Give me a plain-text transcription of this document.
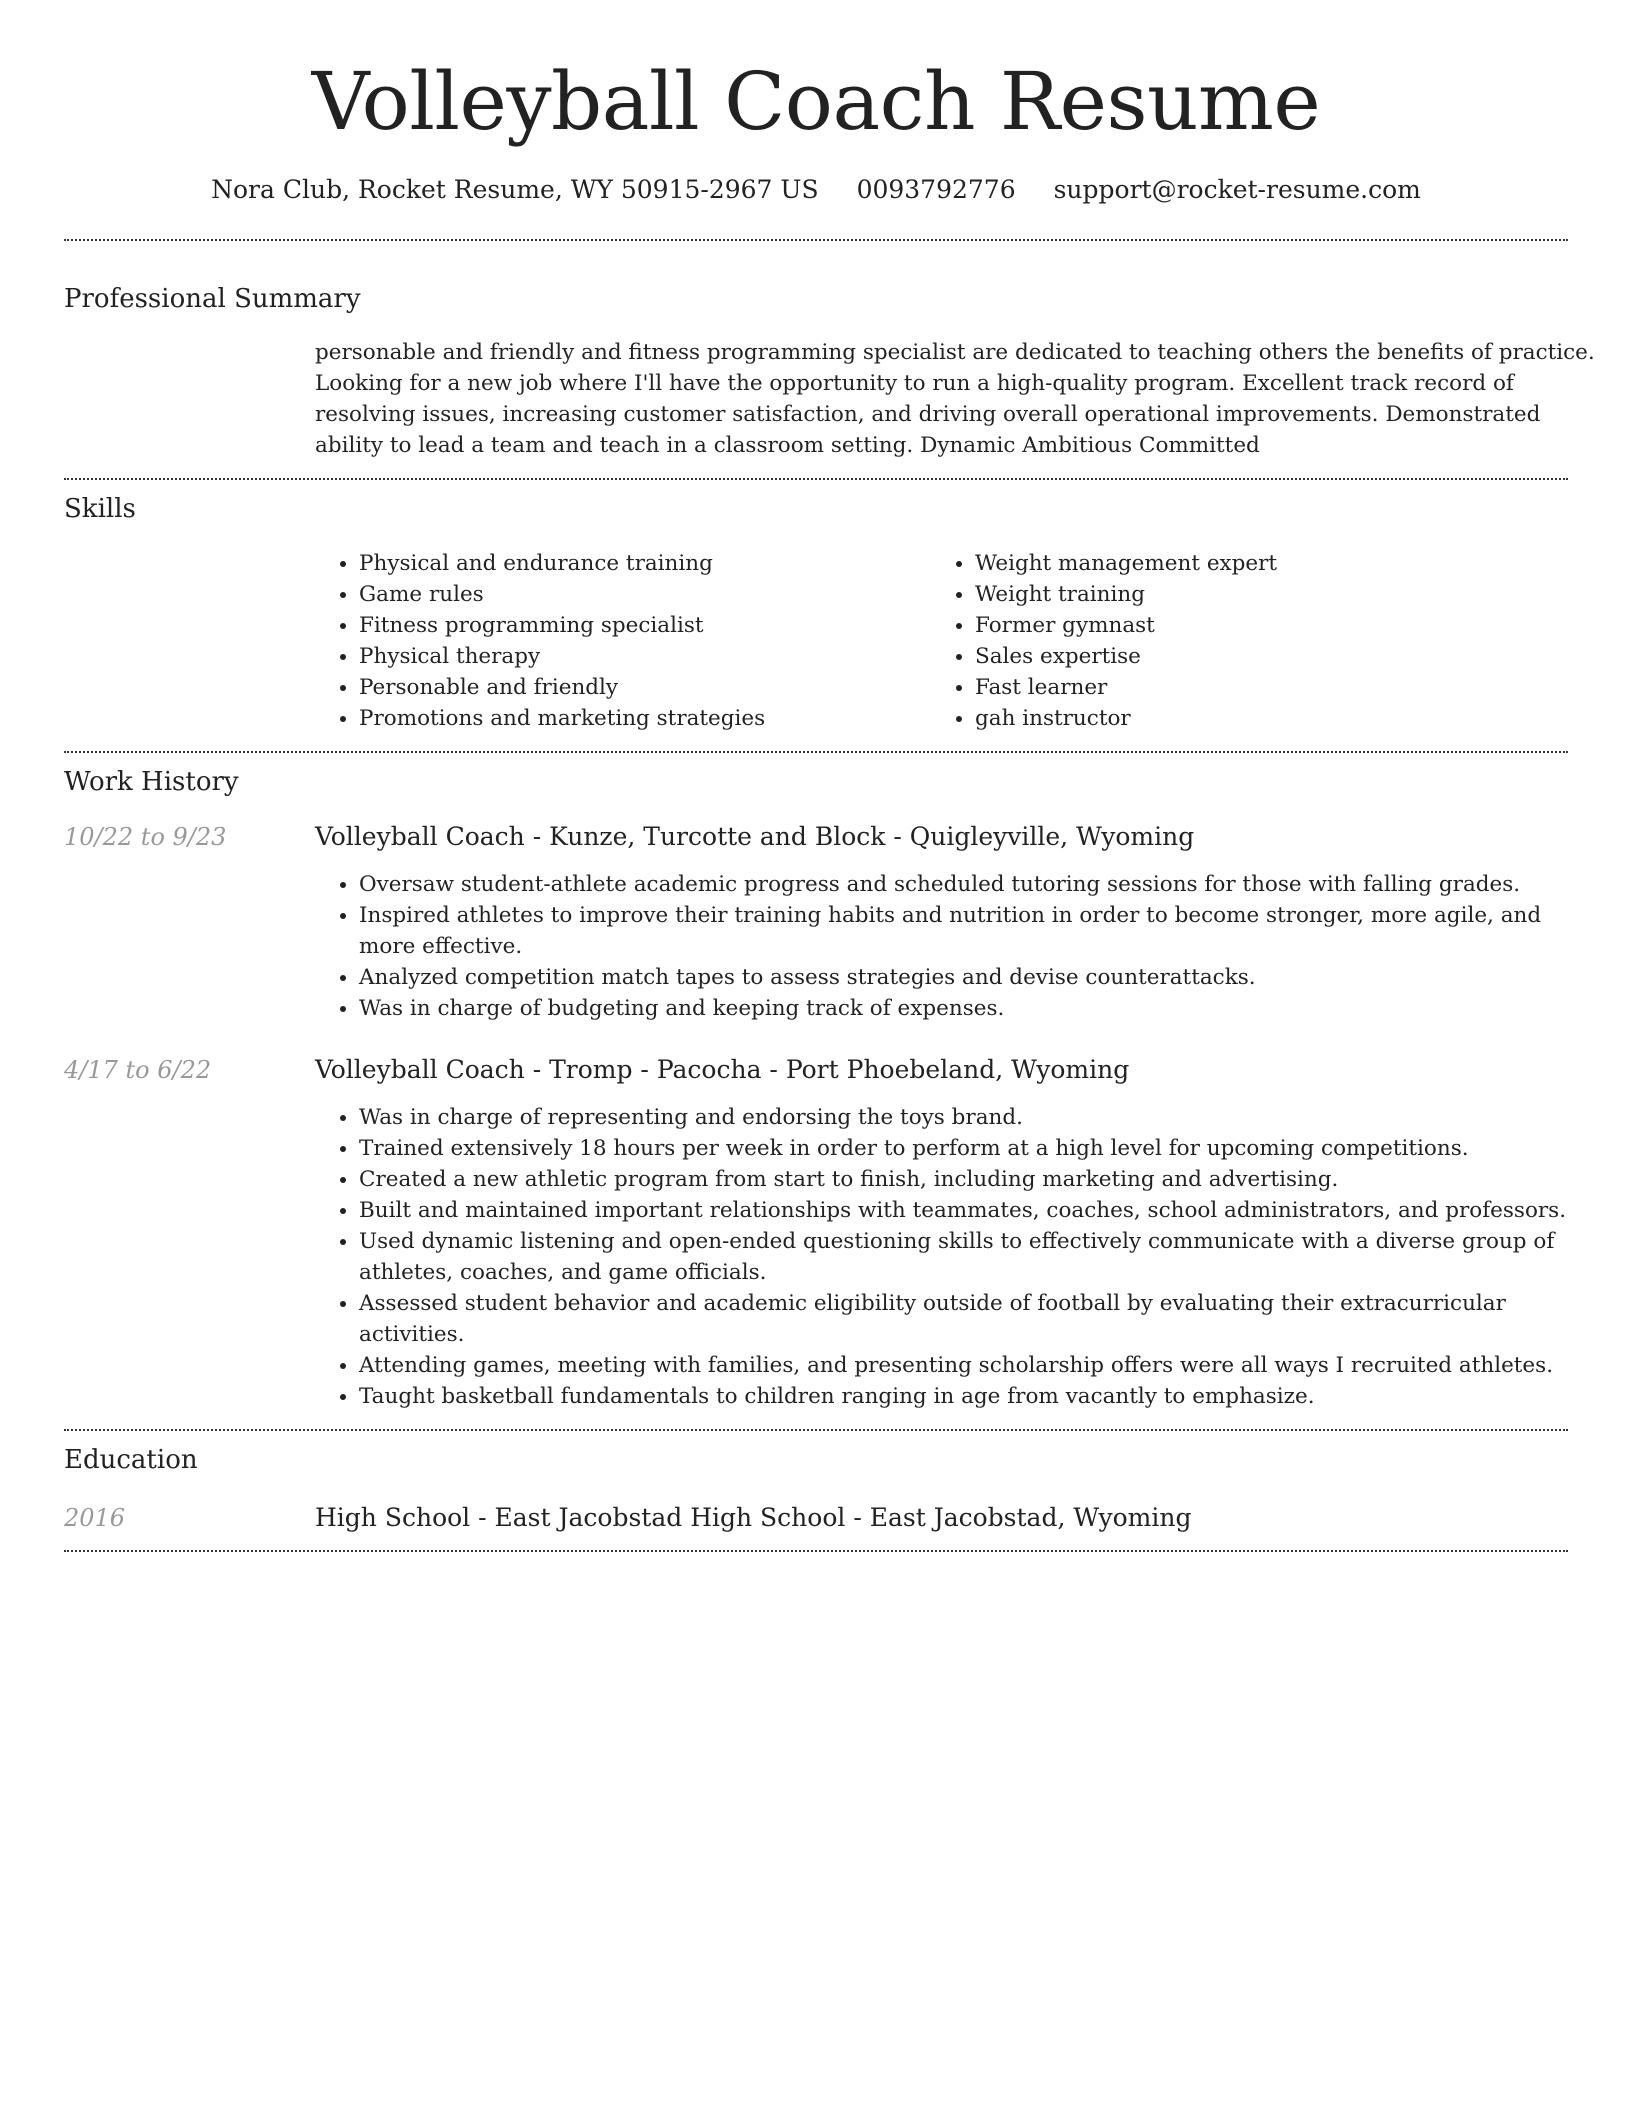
Volleyball Coach Resume
Nora Club, Rocket Resume, WY 50915-2967 US 0093792776 support@rocket-resume.com
Professional Summary

personable and friendly and fitness programming specialist are dedicated to teaching others the benefits of practice. Looking for a new job where I'll have the opportunity to run a high-quality program. Excellent track record of resolving issues, increasing customer satisfaction, and driving overall operational improvements. Demonstrated ability to lead a team and teach in a classroom setting. Dynamic Ambitious Committed

Skills
• Physical and endurance training
• Game rules
• Fitness programming specialist
• Physical therapy
• Personable and friendly
• Promotions and marketing strategies
• Weight management expert
• Weight training
• Former gymnast
• Sales expertise
• Fast learner
• gah instructor
Work History
10/22 to 9/23	Volleyball Coach - Kunze, Turcotte and Block - Quigleyville, Wyoming
• Oversaw student-athlete academic progress and scheduled tutoring sessions for those with falling grades.
• Inspired athletes to improve their training habits and nutrition in order to become stronger, more agile, and more effective.
• Analyzed competition match tapes to assess strategies and devise counterattacks.
• Was in charge of budgeting and keeping track of expenses.
4/17 to 6/22	Volleyball Coach - Tromp - Pacocha - Port Phoebeland, Wyoming
• Was in charge of representing and endorsing the toys brand.
• Trained extensively 18 hours per week in order to perform at a high level for upcoming competitions.
• Created a new athletic program from start to finish, including marketing and advertising.
• Built and maintained important relationships with teammates, coaches, school administrators, and professors.
• Used dynamic listening and open-ended questioning skills to effectively communicate with a diverse group of athletes, coaches, and game officials.
• Assessed student behavior and academic eligibility outside of football by evaluating their extracurricular activities.
• Attending games, meeting with families, and presenting scholarship offers were all ways I recruited athletes.
• Taught basketball fundamentals to children ranging in age from vacantly to emphasize.
Education
2016	High School - East Jacobstad High School - East Jacobstad, Wyoming
